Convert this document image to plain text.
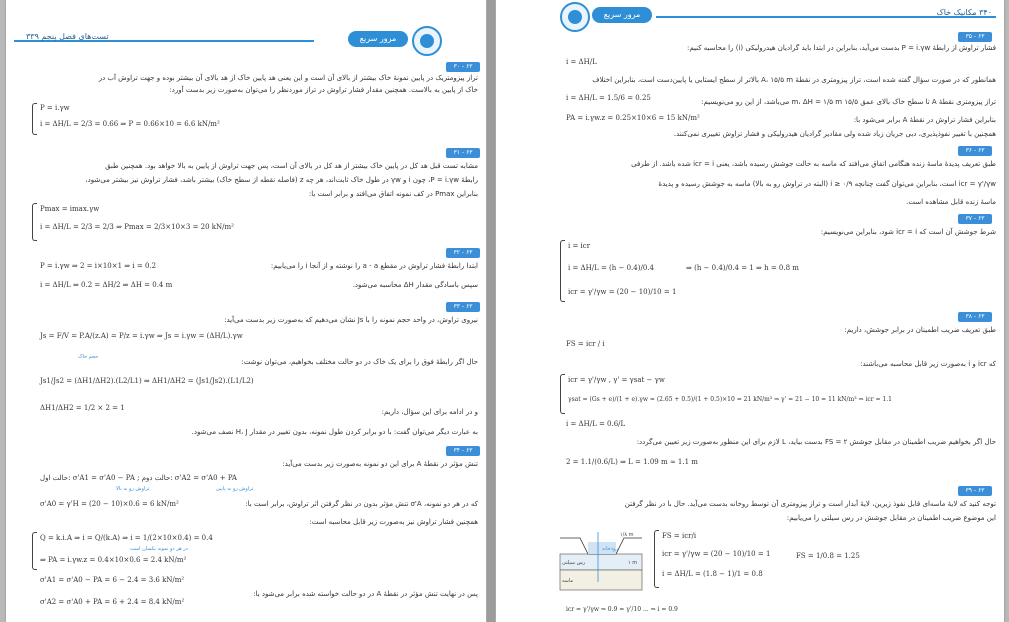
تست‌های فصل پنجم ۳۳۹	مرور سریع
۳۰ - ۶۳
تراز پیزومتریک در پایین نمونهٔ خاک بیشتر از بالای آن است و این یعنی هد پایین خاک از هد بالای آن بیشتر بوده و جهت تراوش آب در
خاک از پایین به بالاست. همچنین مقدار فشار تراوش در تراز موردنظر را می‌توان به‌صورت زیر بدست آورد:
P = i.γw
i = ΔH/L = 2/3 = 0.66 ⇒ P = 0.66×10 = 6.6 kN/m²
۳۱ - ۶۳
مشابه تست قبل هد کل در پایین خاک بیشتر از هد کل در بالای آن است، پس جهت تراوش از پایین به بالا خواهد بود. همچنین طبق
رابطهٔ P = i.γw، چون i و γw در طول خاک ثابت‌اند، هر چه z (فاصله نقطه از سطح خاک) بیشتر باشد، فشار تراوش نیز بیشتر می‌شود،
بنابراین Pmax در کف نمونه اتفاق می‌افتد و برابر است با:
Pmax = imax.γw
i = ΔH/L = 2/3 = 2/3 ⇒ Pmax = 2/3×10×3 = 20 kN/m²
۳۲ - ۶۳
P = i.γw ⇒ 2 = i×10×1 ⇒ i = 0.2	ابتدا رابطهٔ فشار تراوش در مقطع a - a را نوشته و از آنجا i را می‌یابیم:
i = ΔH/L ⇒ 0.2 = ΔH/2 ⇒ ΔH = 0.4 m	سپس باسادگی مقدار ΔH محاسبه می‌شود.
۳۳ - ۶۳
نیروی تراوش، در واحد حجم نمونه را با Js نشان می‌دهیم که به‌صورت زیر بدست می‌آید:
Js = F/V = P.A/(z.A) = P/z = i.γw ⇒ Js = i.γw = (ΔH/L).γw
حجم خاک
حال اگر رابطهٔ فوق را برای یک خاک در دو حالت مختلف بخواهیم، می‌توان نوشت:
Js1/Js2 = (ΔH1/ΔH2).(L2/L1) ⇒ ΔH1/ΔH2 = (Js1/Js2).(L1/L2)
ΔH1/ΔH2 = 1/2 × 2 = 1	و در ادامه برای این سؤال، داریم:
به عبارت دیگر می‌توان گفت: با دو برابر کردن طول نمونه، بدون تغییر در مقدار H، J نصف می‌شود.
۳۴ - ۶۳
تنش مؤثر در نقطهٔ A برای این دو نمونه به‌صورت زیر بدست می‌آید:
حالت اول: σ'A1 = σ'A0 − PA ; حالت دوم: σ'A2 = σ'A0 + PA
تراوش رو به بالا	تراوش رو به پایین
که در هر دو نمونه، σ'A تنش مؤثر بدون در نظر گرفتن اثر تراوش، برابر است با:
σ'A0 = γ'H = (20 − 10)×0.6 = 6 kN/m²
همچنین فشار تراوش نیز به‌صورت زیر قابل محاسبه است:
Q = k.i.A ⇒ i = Q/(k.A) ⇒ i = 1/(2×10×0.4) = 0.4
در هر دو نمونه یکسان است
⇒ PA = i.γw.z = 0.4×10×0.6 = 2.4 kN/m²
σ'A1 = σ'A0 − PA = 6 − 2.4 = 3.6 kN/m²
پس در نهایت تنش مؤثر در نقطهٔ A در دو حالت خواسته شده برابر می‌شود با:
σ'A2 = σ'A0 + PA = 6 + 2.4 = 8.4 kN/m²
مرور سریع	۳۴۰ مکانیک خاک
۳۵ - ۶۳
فشار تراوش از رابطهٔ P = i.γw بدست می‌آید، بنابراین در ابتدا باید گرادیان هیدرولیکی (i) را محاسبه کنیم:
i = ΔH/L
همانطور که در صورت سؤال گفته شده است، تراز پیزومتری در نقطهٔ A، ۱۵/۵ m بالاتر از سطح ایستابی یا پایین‌دست است، بنابراین اختلاف
i = ΔH/L = 1.5/6 = 0.25	تراز پیزومتری نقطهٔ A تا سطح خاک بالای عمق ۱۵/۵ m، ΔH = ۱/۵ m می‌باشد، از این رو می‌نویسیم:
PA = i.γw.z = 0.25×10×6 = 15 kN/m²	بنابراین فشار تراوش در نقطهٔ A برابر می‌شود با:
همچنین با تغییر نفوذپذیری، دبی جریان زیاد شده ولی مقادیر گرادیان هیدرولیکی و فشار تراوش تغییری نمی‌کنند.
۳۶ - ۶۳
طبق تعریف پدیدهٔ ماسهٔ زنده هنگامی اتفاق می‌افتد که ماسه به حالت جوشش رسیده باشد، یعنی icr = i شده باشد. از طرفی
icr = γ'/γw است، بنابراین می‌توان گفت چنانچه i ≥ ۰/۹ (البته در تراوش رو به بالا) ماسه به جوشش رسیده و پدیدهٔ
ماسهٔ زنده قابل مشاهده است.
۳۷ - ۶۳
شرط جوشش آن است که icr = i شود، بنابراین می‌نویسیم:
i = icr
i = ΔH/L = (h − 0.4)/0.4	⇒ (h − 0.4)/0.4 = 1 ⇒ h = 0.8 m
icr = γ'/γw = (20 − 10)/10 = 1
۳۸ - ۶۳
طبق تعریف ضریب اطمینان در برابر جوشش، داریم:
FS = icr / i
که icr و i به‌صورت زیر قابل محاسبه می‌باشند:
icr = γ'/γw , γ' = γsat − γw
γsat = (Gs + e)/(1 + e).γw = (2.65 + 0.5)/(1 + 0.5)×10 = 21 kN/m³ ⇒ γ' = 21 − 10 = 11 kN/m³ ⇒ icr = 1.1
i = ΔH/L = 0.6/L
حال اگر بخواهیم ضریب اطمینان در مقابل جوشش ۲ = FS بدست بیاید، L لازم برای این منظور به‌صورت زیر تعیین می‌گردد:
2 = 1.1/(0.6/L) ⇒ L = 1.09 m ≈ 1.1 m
۳۹ - ۶۳
توجه کنید که لایهٔ ماسه‌ای قابل نفوذ زیرین، لایهٔ آبدار است و تراز پیزومتری آن توسط روخانه بدست می‌آید. حال با در نظر گرفتن
این موضوع ضریب اطمینان در مقابل جوشش در رس سیلتی را می‌یابیم:
رودخانه
رس سیلتی
ماسه
۱ m
۱/۸ m	FS = icr/i
icr = γ'/γw = (20 − 10)/10 = 1
i = ΔH/L = (1.8 − 1)/1 = 0.8
FS = 1/0.8 = 1.25
icr = γ'/γw ⇒ 0.9 = γ'/10 ... ⇒ i = 0.9
